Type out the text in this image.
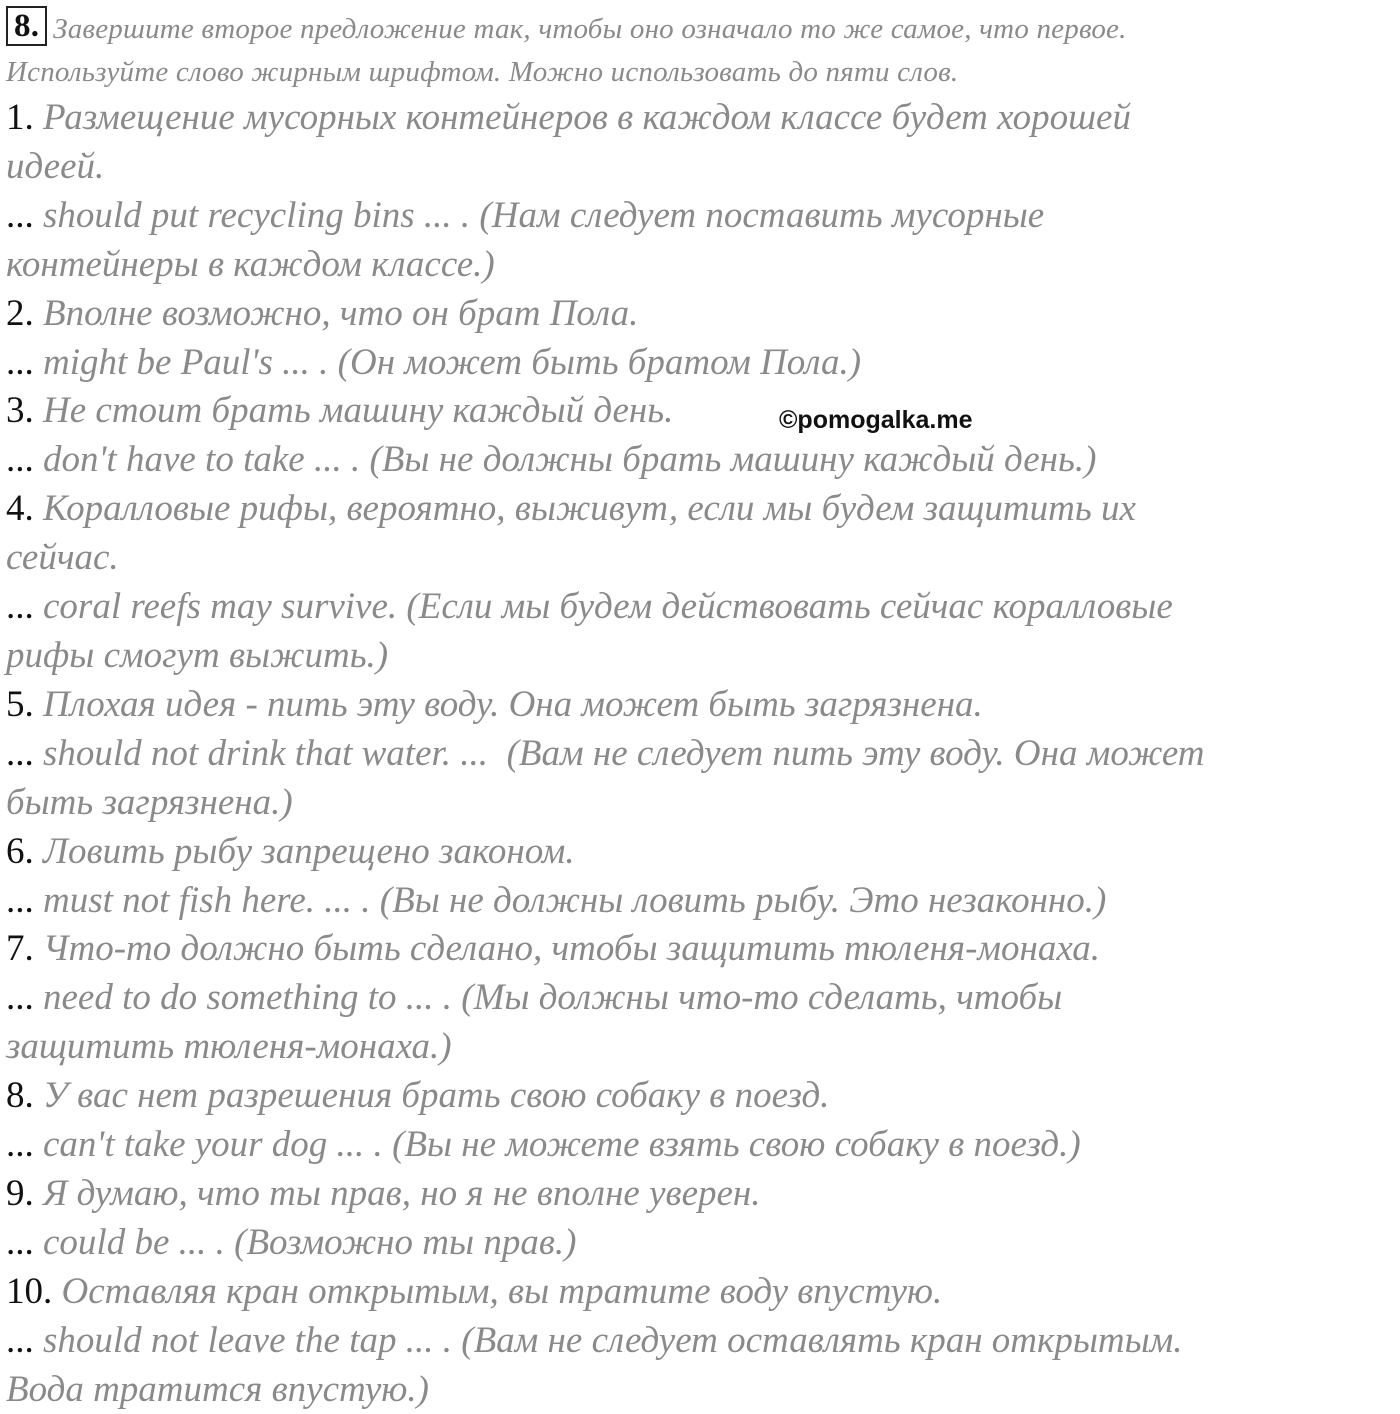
8. Завершите второе предложение так, чтобы оно означало то же самое, что первое.
Используйте слово жирным шрифтом. Можно использовать до пяти слов.
1. Размещение мусорных контейнеров в каждом классе будет хорошей
идеей.
... should put recycling bins ... . (Нам следует поставить мусорные
контейнеры в каждом классе.)
2. Вполне возможно, что он брат Пола.
... might be Paul's ... . (Он может быть братом Пола.)
3. Не стоит брать машину каждый день.
... don't have to take ... . (Вы не должны брать машину каждый день.)
4. Коралловые рифы, вероятно, выживут, если мы будем защитить их
сейчас.
... coral reefs may survive. (Если мы будем действовать сейчас коралловые
рифы смогут выжить.)
5. Плохая идея - пить эту воду. Она может быть загрязнена.
... should not drink that water. ... (Вам не следует пить эту воду. Она может
быть загрязнена.)
6. Ловить рыбу запрещено законом.
... must not fish here. ... . (Вы не должны ловить рыбу. Это незаконно.)
7. Что-то должно быть сделано, чтобы защитить тюленя-монаха.
... need to do something to ... . (Мы должны что-то сделать, чтобы
защитить тюленя-монаха.)
8. У вас нет разрешения брать свою собаку в поезд.
... can't take your dog ... . (Вы не можете взять свою собаку в поезд.)
9. Я думаю, что ты прав, но я не вполне уверен.
... could be ... . (Возможно ты прав.)
10. Оставляя кран открытым, вы тратите воду впустую.
... should not leave the tap ... . (Вам не следует оставлять кран открытым.
Вода тратится впустую.)
©pomogalka.me
